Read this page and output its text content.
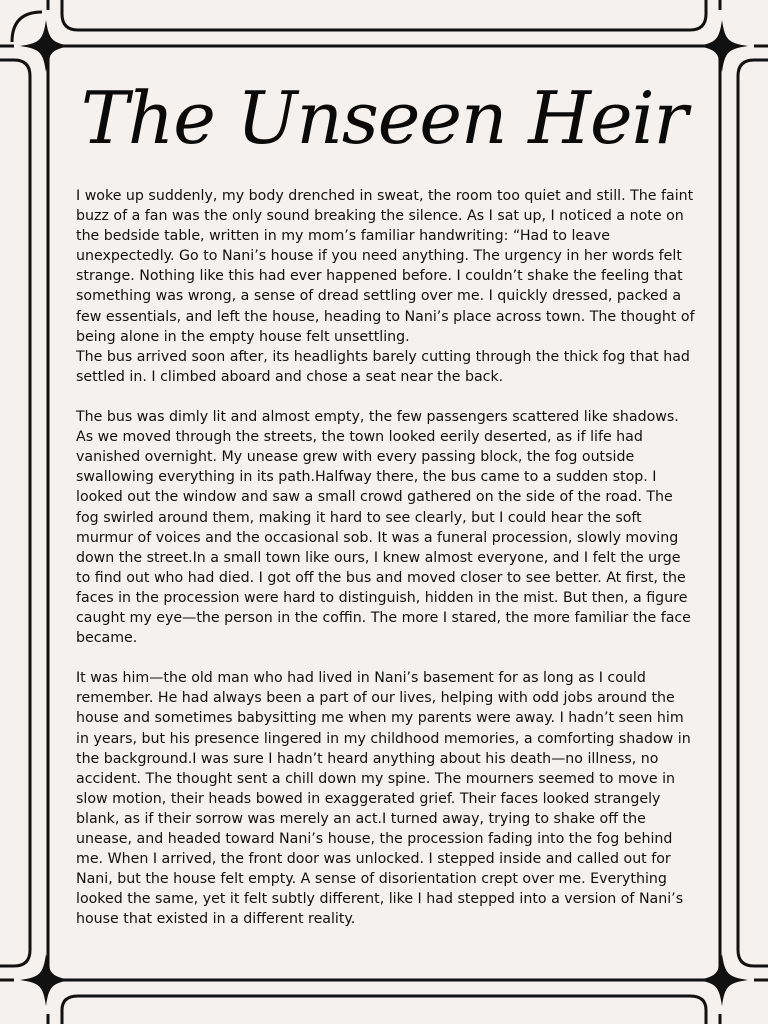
The Unseen Heir

I woke up suddenly, my body drenched in sweat, the room too quiet and still. The faint buzz of a fan was the only sound breaking the silence. As I sat up, I noticed a note on the bedside table, written in my mom’s familiar handwriting: “Had to leave unexpectedly. Go to Nani’s house if you need anything. The urgency in her words felt strange. Nothing like this had ever happened before. I couldn’t shake the feeling that something was wrong, a sense of dread settling over me. I quickly dressed, packed a few essentials, and left the house, heading to Nani’s place across town. The thought of being alone in the empty house felt unsettling.
The bus arrived soon after, its headlights barely cutting through the thick fog that had settled in. I climbed aboard and chose a seat near the back.

The bus was dimly lit and almost empty, the few passengers scattered like shadows. As we moved through the streets, the town looked eerily deserted, as if life had vanished overnight. My unease grew with every passing block, the fog outside swallowing everything in its path.Halfway there, the bus came to a sudden stop. I looked out the window and saw a small crowd gathered on the side of the road. The fog swirled around them, making it hard to see clearly, but I could hear the soft murmur of voices and the occasional sob. It was a funeral procession, slowly moving down the street.In a small town like ours, I knew almost everyone, and I felt the urge to find out who had died. I got off the bus and moved closer to see better. At first, the faces in the procession were hard to distinguish, hidden in the mist. But then, a figure caught my eye—the person in the coffin. The more I stared, the more familiar the face became.

It was him—the old man who had lived in Nani’s basement for as long as I could remember. He had always been a part of our lives, helping with odd jobs around the house and sometimes babysitting me when my parents were away. I hadn’t seen him in years, but his presence lingered in my childhood memories, a comforting shadow in the background.I was sure I hadn’t heard anything about his death—no illness, no accident. The thought sent a chill down my spine. The mourners seemed to move in slow motion, their heads bowed in exaggerated grief. Their faces looked strangely blank, as if their sorrow was merely an act.I turned away, trying to shake off the unease, and headed toward Nani’s house, the procession fading into the fog behind me. When I arrived, the front door was unlocked. I stepped inside and called out for Nani, but the house felt empty. A sense of disorientation crept over me. Everything looked the same, yet it felt subtly different, like I had stepped into a version of Nani’s house that existed in a different reality.
